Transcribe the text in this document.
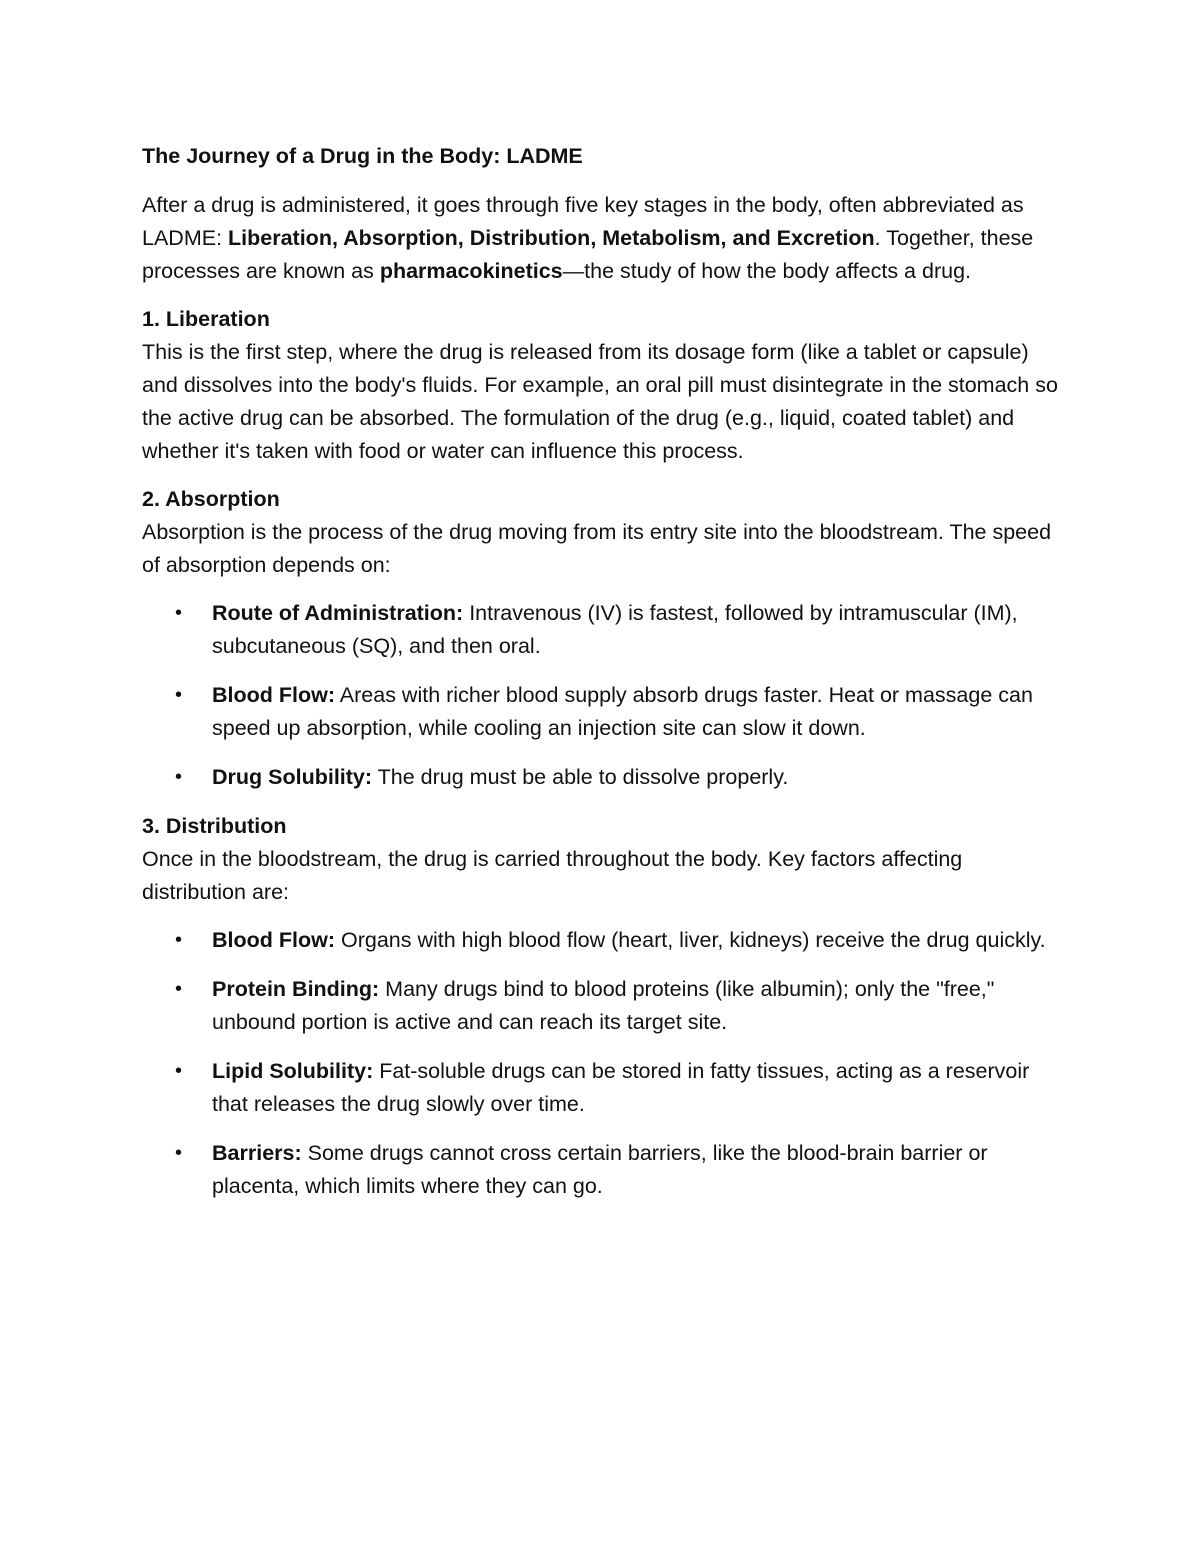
The Journey of a Drug in the Body: LADME

After a drug is administered, it goes through five key stages in the body, often abbreviated as LADME: Liberation, Absorption, Distribution, Metabolism, and Excretion. Together, these processes are known as pharmacokinetics—the study of how the body affects a drug.

1. Liberation
This is the first step, where the drug is released from its dosage form (like a tablet or capsule) and dissolves into the body's fluids. For example, an oral pill must disintegrate in the stomach so the active drug can be absorbed. The formulation of the drug (e.g., liquid, coated tablet) and whether it's taken with food or water can influence this process.

2. Absorption
Absorption is the process of the drug moving from its entry site into the bloodstream. The speed of absorption depends on:

• Route of Administration: Intravenous (IV) is fastest, followed by intramuscular (IM), subcutaneous (SQ), and then oral.
• Blood Flow: Areas with richer blood supply absorb drugs faster. Heat or massage can speed up absorption, while cooling an injection site can slow it down.
• Drug Solubility: The drug must be able to dissolve properly.

3. Distribution
Once in the bloodstream, the drug is carried throughout the body. Key factors affecting distribution are:

• Blood Flow: Organs with high blood flow (heart, liver, kidneys) receive the drug quickly.
• Protein Binding: Many drugs bind to blood proteins (like albumin); only the "free," unbound portion is active and can reach its target site.
• Lipid Solubility: Fat-soluble drugs can be stored in fatty tissues, acting as a reservoir that releases the drug slowly over time.
• Barriers: Some drugs cannot cross certain barriers, like the blood-brain barrier or placenta, which limits where they can go.
